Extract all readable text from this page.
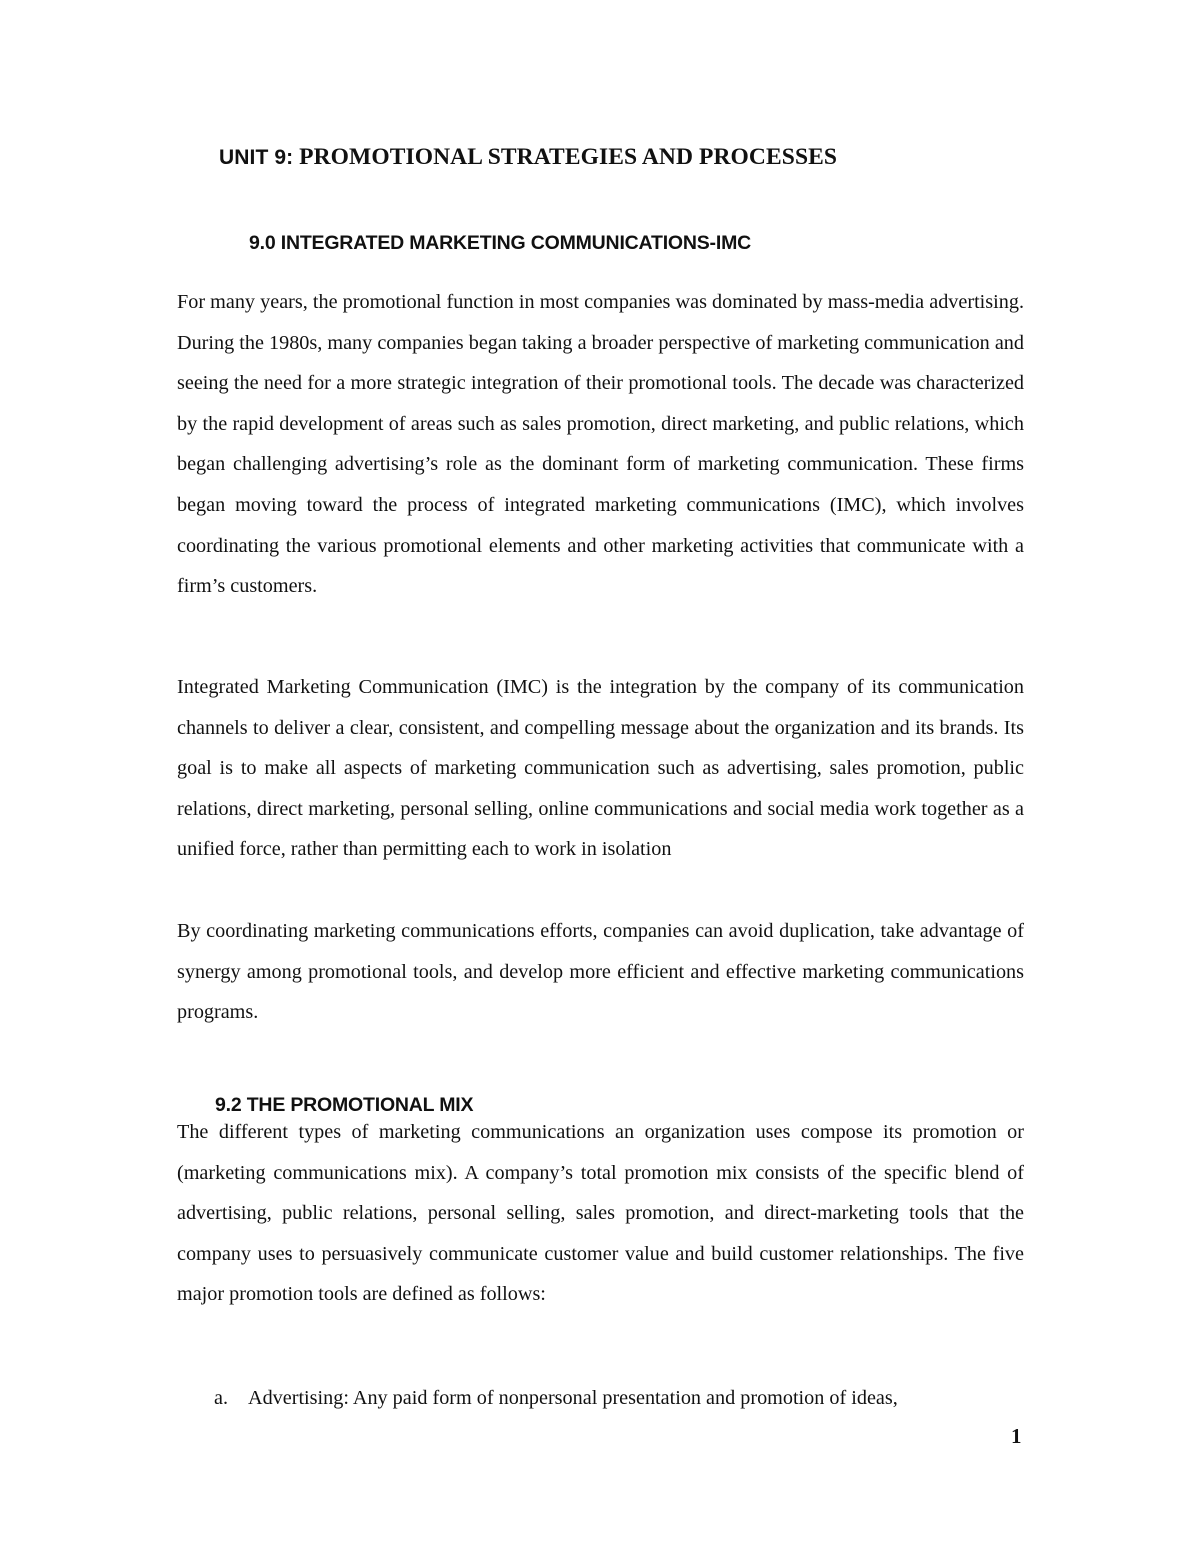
UNIT 9: PROMOTIONAL STRATEGIES AND PROCESSES
9.0 INTEGRATED MARKETING COMMUNICATIONS-IMC

For many years, the promotional function in most companies was dominated by mass-media advertising. During the 1980s, many companies began taking a broader perspective of marketing communication and seeing the need for a more strategic integration of their promotional tools. The decade was characterized by the rapid development of areas such as sales promotion, direct marketing, and public relations, which began challenging advertising’s role as the dominant form of marketing communication. These firms began moving toward the process of integrated marketing communications (IMC), which involves coordinating the various promotional elements and other marketing activities that communicate with a firm’s customers.

Integrated Marketing Communication (IMC) is the integration by the company of its communication channels to deliver a clear, consistent, and compelling message about the organization and its brands. Its goal is to make all aspects of marketing communication such as advertising, sales promotion, public relations, direct marketing, personal selling, online communications and social media work together as a unified force, rather than permitting each to work in isolation

By coordinating marketing communications efforts, companies can avoid duplication, take advantage of synergy among promotional tools, and develop more efficient and effective marketing communications programs.

9.2 THE PROMOTIONAL MIX

The different types of marketing communications an organization uses compose its promotion or (marketing communications mix). A company’s total promotion mix consists of the specific blend of advertising, public relations, personal selling, sales promotion, and direct-marketing tools that the company uses to persuasively communicate customer value and build customer relationships. The five major promotion tools are defined as follows:

a. Advertising: Any paid form of nonpersonal presentation and promotion of ideas,
1
